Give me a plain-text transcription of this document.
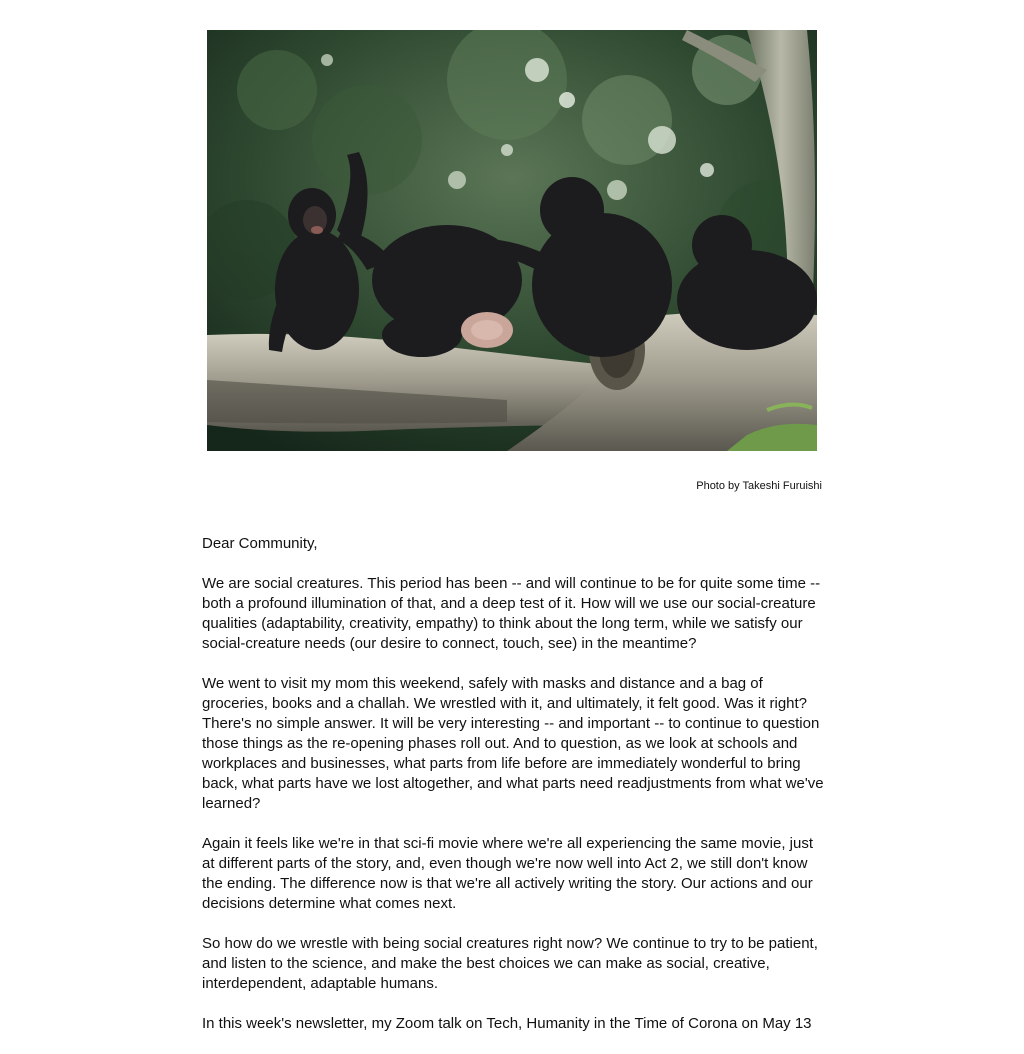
Photo by Takeshi Furuishi

Dear Community,

We are social creatures. This period has been -- and will continue to be for quite some time -- both a profound illumination of that, and a deep test of it. How will we use our social-creature qualities (adaptability, creativity, empathy) to think about the long term, while we satisfy our social-creature needs (our desire to connect, touch, see) in the meantime?

We went to visit my mom this weekend, safely with masks and distance and a bag of groceries, books and a challah. We wrestled with it, and ultimately, it felt good. Was it right? There's no simple answer. It will be very interesting -- and important -- to continue to question those things as the re-opening phases roll out. And to question, as we look at schools and workplaces and businesses, what parts from life before are immediately wonderful to bring back, what parts have we lost altogether, and what parts need readjustments from what we've learned?

Again it feels like we're in that sci-fi movie where we're all experiencing the same movie, just at different parts of the story, and, even though we're now well into Act 2, we still don't know the ending. The difference now is that we're all actively writing the story. Our actions and our decisions determine what comes next.

So how do we wrestle with being social creatures right now? We continue to try to be patient, and listen to the science, and make the best choices we can make as social, creative, interdependent, adaptable humans.

In this week's newsletter, my Zoom talk on Tech, Humanity in the Time of Corona on May 13
